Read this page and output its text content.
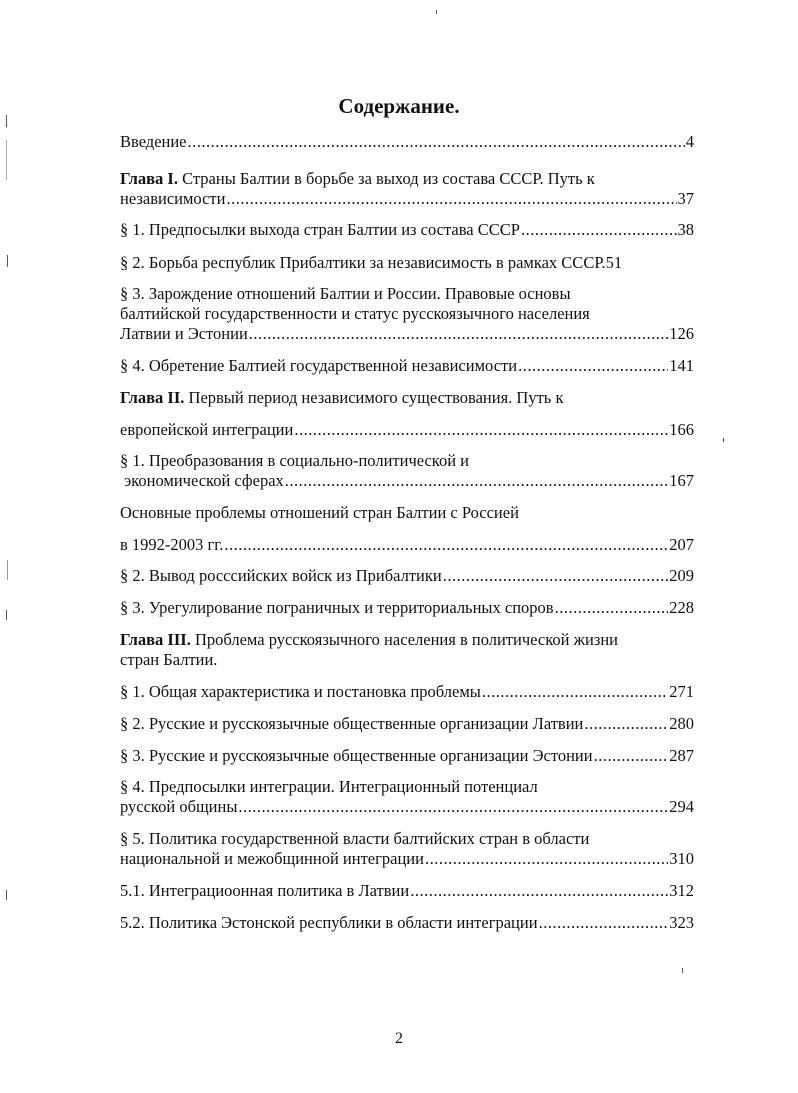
Содержание.
Введение .....	4
Глава I. Страны Балтии в борьбе за выход из состава СССР. Путь к
независимости .....	37
§ 1. Предпосылки выхода стран Балтии из состава СССР .....	38
§ 2. Борьба республик Прибалтики за независимость в рамках СССР.51
§ 3. Зарождение отношений Балтии и России. Правовые основы
балтийской государственности и статус русскоязычного населения
Латвии и Эстонии .....	126
§ 4. Обретение Балтией государственной независимости .....	141
Глава II. Первый период независимого существования. Путь к
европейской интеграции .....	166
§ 1. Преобразования в социально-политической и
экономической сферах .....	167
Основные проблемы отношений стран Балтии с Россией
в 1992-2003 гг. .....	207
§ 2. Вывод росссийских войск из Прибалтики .....	209
§ 3. Урегулирование пограничных и территориальных споров .....	228
Глава III. Проблема русскоязычного населения в политической жизни
стран Балтии.
§ 1. Общая характеристика и постановка проблемы .....	271
§ 2. Русские и русскоязычные общественные организации Латвии .....	280
§ 3. Русские и русскоязычные общественные организации Эстонии .....	287
§ 4. Предпосылки интеграции. Интеграционный потенциал
русской общины .....	294
§ 5. Политика государственной власти балтийских стран в области
национальной и межобщинной интеграции .....	310
5.1. Интеграциоонная политика в Латвии .....	312
5.2. Политика Эстонской республики в области интеграции .....	323
2
